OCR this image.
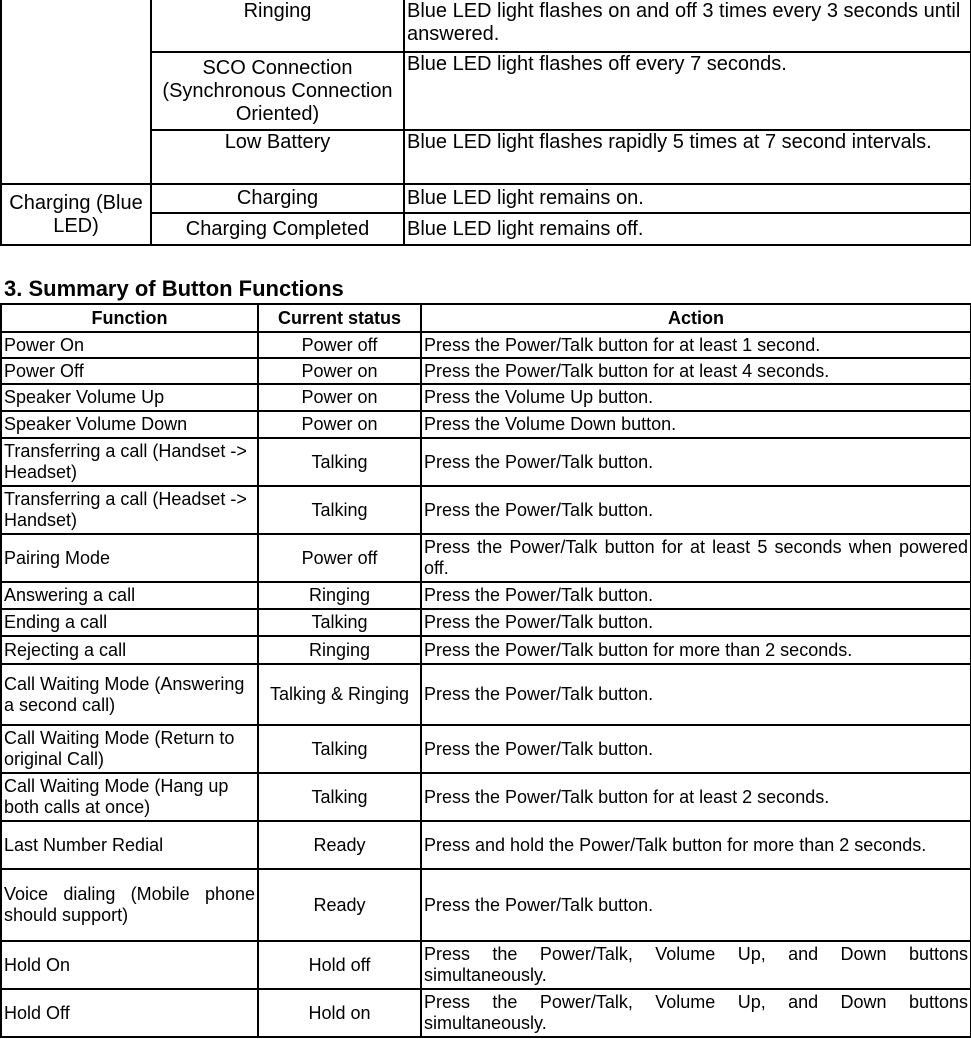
	Ringing	Blue LED light flashes on and off 3 times every 3 seconds until answered.
	SCO Connection (Synchronous Connection Oriented)	Blue LED light flashes off every 7 seconds.
	Low Battery	Blue LED light flashes rapidly 5 times at 7 second intervals.
Charging (Blue LED)	Charging	Blue LED light remains on.
	Charging Completed	Blue LED light remains off.
3. Summary of Button Functions
Function	Current status	Action
Power On	Power off	Press the Power/Talk button for at least 1 second.
Power Off	Power on	Press the Power/Talk button for at least 4 seconds.
Speaker Volume Up	Power on	Press the Volume Up button.
Speaker Volume Down	Power on	Press the Volume Down button.
Transferring a call (Handset -> Headset)	Talking	Press the Power/Talk button.
Transferring a call (Headset -> Handset)	Talking	Press the Power/Talk button.
Pairing Mode	Power off	Press the Power/Talk button for at least 5 seconds when powered off.
Answering a call	Ringing	Press the Power/Talk button.
Ending a call	Talking	Press the Power/Talk button.
Rejecting a call	Ringing	Press the Power/Talk button for more than 2 seconds.
Call Waiting Mode (Answering a second call)	Talking & Ringing	Press the Power/Talk button.
Call Waiting Mode (Return to original Call)	Talking	Press the Power/Talk button.
Call Waiting Mode (Hang up both calls at once)	Talking	Press the Power/Talk button for at least 2 seconds.
Last Number Redial	Ready	Press and hold the Power/Talk button for more than 2 seconds.
Voice dialing (Mobile phone should support)	Ready	Press the Power/Talk button.
Hold On	Hold off	Press the Power/Talk, Volume Up, and Down buttons simultaneously.
Hold Off	Hold on	Press the Power/Talk, Volume Up, and Down buttons simultaneously.
